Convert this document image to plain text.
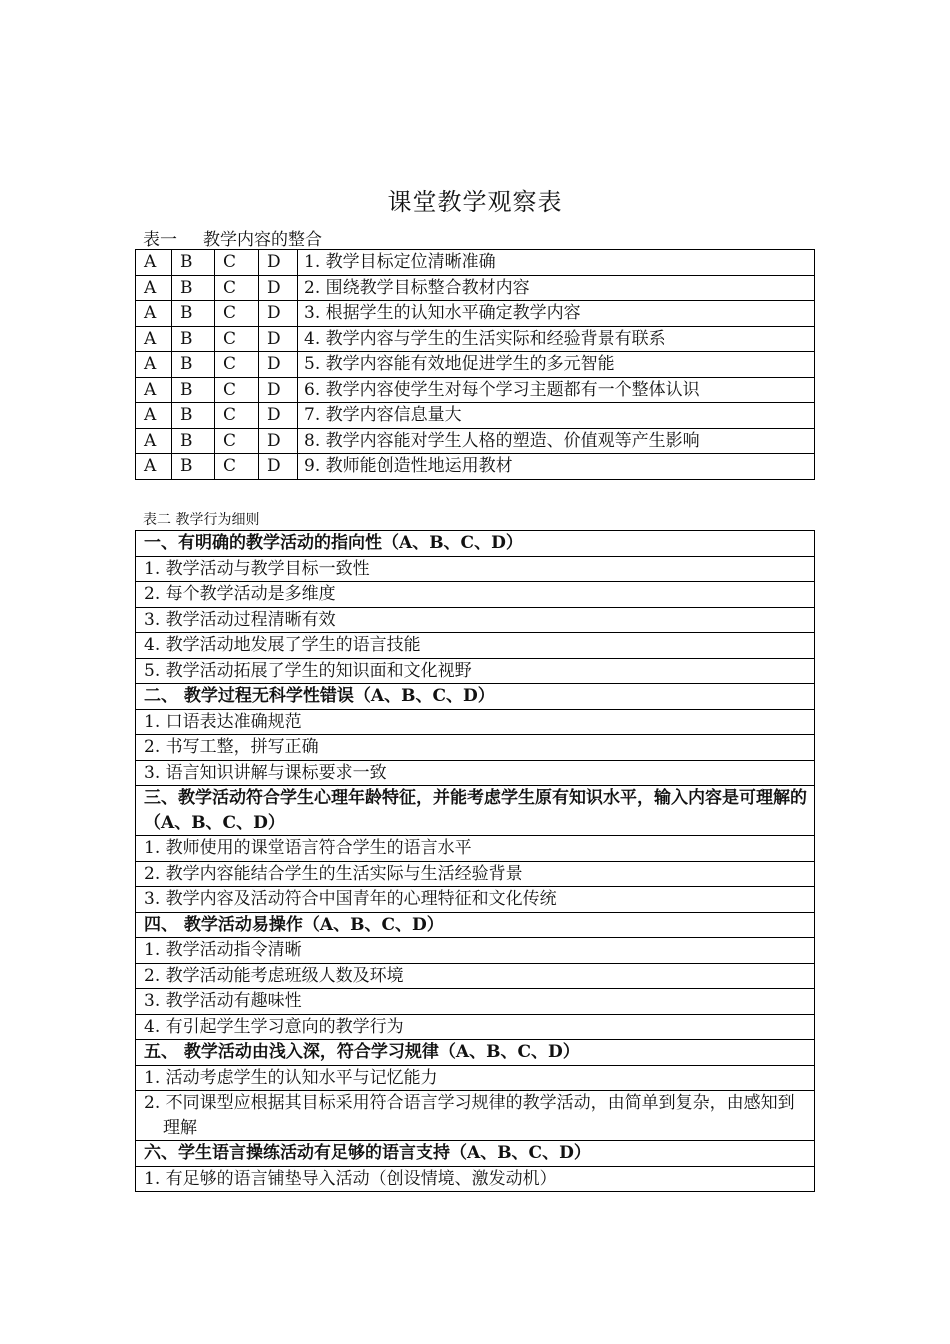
课堂教学观察表
表一 教学内容的整合
A	B	C	D	1. 教学目标定位清晰准确
A	B	C	D	2. 围绕教学目标整合教材内容
A	B	C	D	3. 根据学生的认知水平确定教学内容
A	B	C	D	4. 教学内容与学生的生活实际和经验背景有联系
A	B	C	D	5. 教学内容能有效地促进学生的多元智能
A	B	C	D	6. 教学内容使学生对每个学习主题都有一个整体认识
A	B	C	D	7. 教学内容信息量大
A	B	C	D	8. 教学内容能对学生人格的塑造、价值观等产生影响
A	B	C	D	9. 教师能创造性地运用教材
表二 教学行为细则
一、有明确的教学活动的指向性（A、B、C、D）
1. 教学活动与教学目标一致性
2. 每个教学活动是多维度
3. 教学活动过程清晰有效
4. 教学活动地发展了学生的语言技能
5. 教学活动拓展了学生的知识面和文化视野
二、 教学过程无科学性错误（A、B、C、D）
1. 口语表达准确规范
2. 书写工整，拼写正确
3. 语言知识讲解与课标要求一致
三、教学活动符合学生心理年龄特征，并能考虑学生原有知识水平，输入内容是可理解的（A、B、C、D）
1. 教师使用的课堂语言符合学生的语言水平
2. 教学内容能结合学生的生活实际与生活经验背景
3. 教学内容及活动符合中国青年的心理特征和文化传统
四、 教学活动易操作（A、B、C、D）
1. 教学活动指令清晰
2. 教学活动能考虑班级人数及环境
3. 教学活动有趣味性
4. 有引起学生学习意向的教学行为
五、 教学活动由浅入深，符合学习规律（A、B、C、D）
1. 活动考虑学生的认知水平与记忆能力
2. 不同课型应根据其目标采用符合语言学习规律的教学活动，由简单到复杂，由感知到理解
六、学生语言操练活动有足够的语言支持（A、B、C、D）
1. 有足够的语言铺垫导入活动（创设情境、激发动机）
